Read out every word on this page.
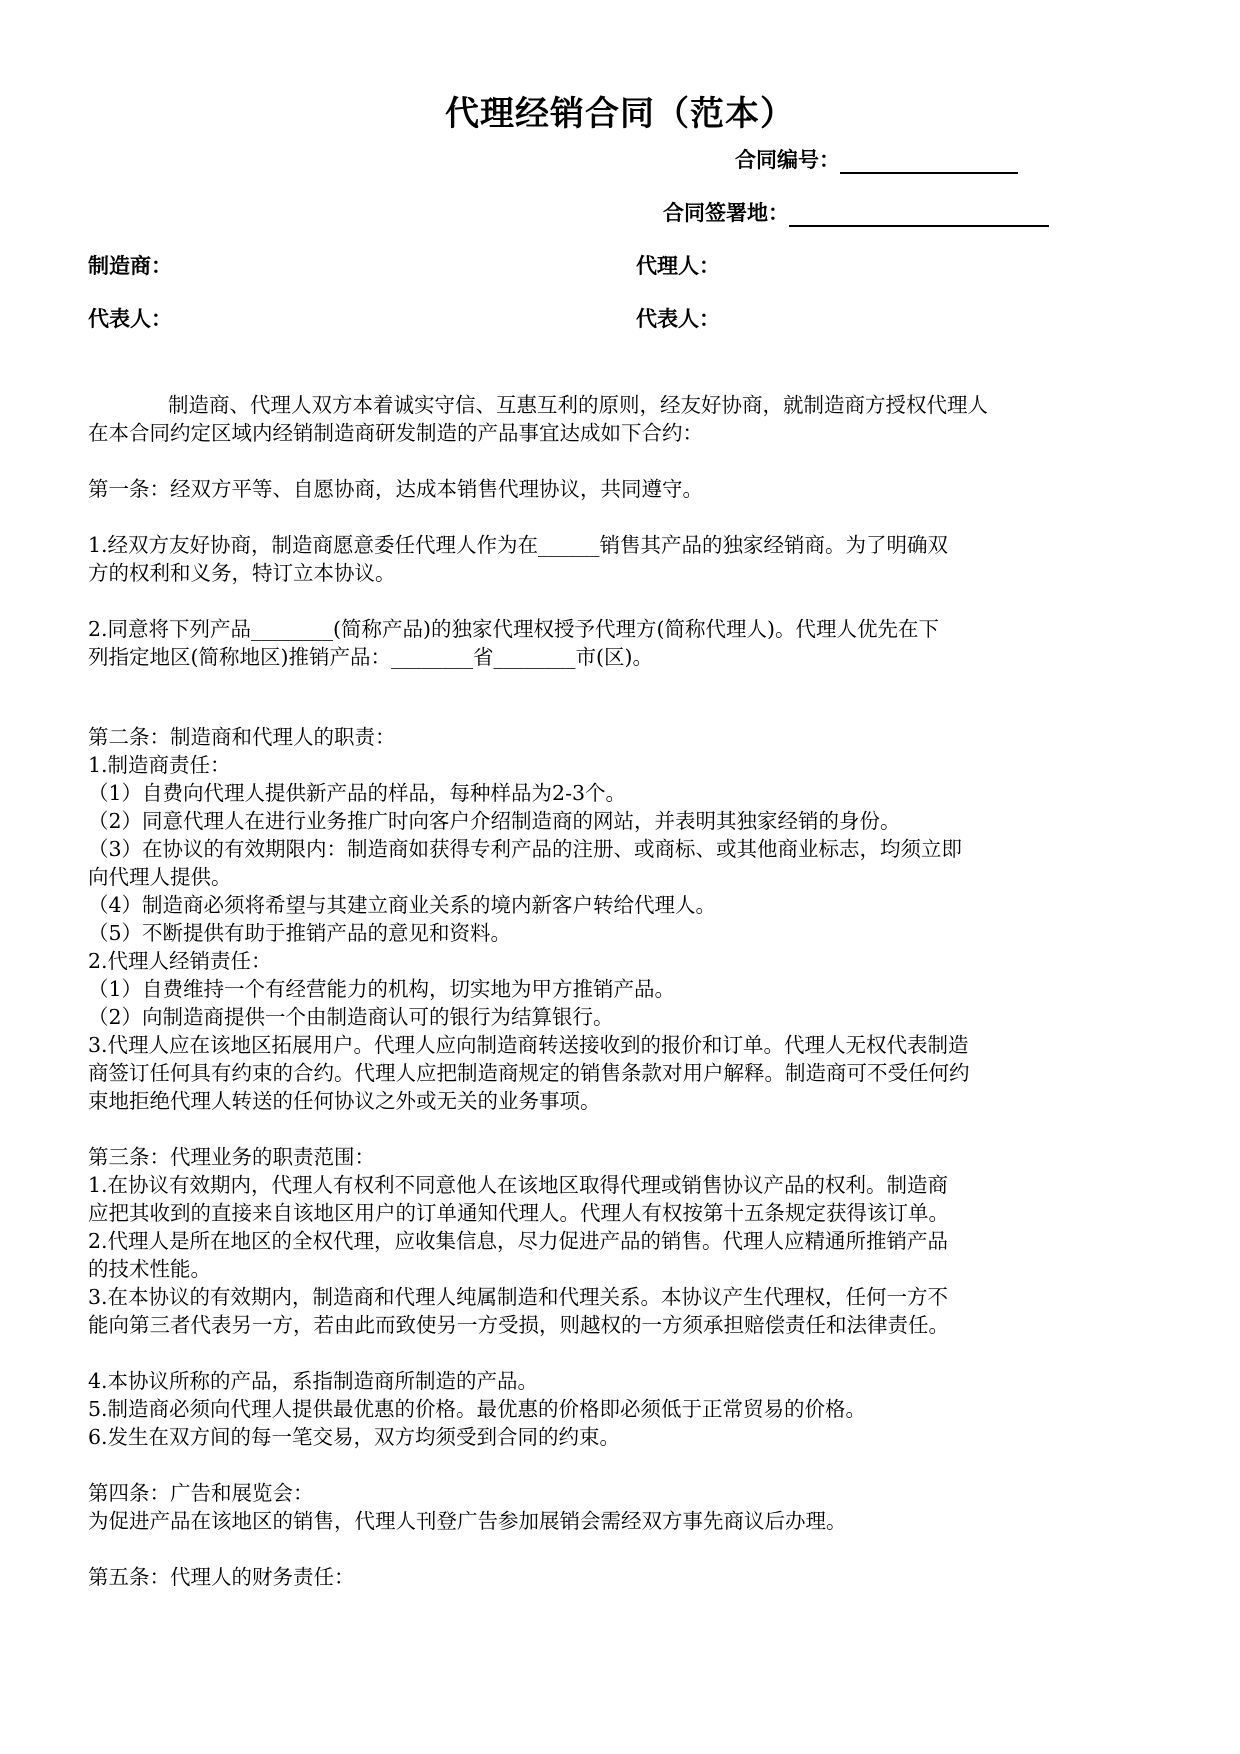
代理经销合同（范本）
合同编号：
合同签署地：
制造商：	代理人：
代表人：	代表人：

制造商、代理人双方本着诚实守信、互惠互利的原则，经友好协商，就制造商方授权代理人

在本合同约定区域内经销制造商研发制造的产品事宜达成如下合约：

第一条：经双方平等、自愿协商，达成本销售代理协议，共同遵守。

1.经双方友好协商，制造商愿意委任代理人作为在______销售其产品的独家经销商。为了明确双

方的权利和义务，特订立本协议。

2.同意将下列产品________(简称产品)的独家代理权授予代理方(简称代理人)。代理人优先在下

列指定地区(简称地区)推销产品：________省________市(区)。

第二条：制造商和代理人的职责：

1.制造商责任：

（1）自费向代理人提供新产品的样品，每种样品为2-3个。

（2）同意代理人在进行业务推广时向客户介绍制造商的网站，并表明其独家经销的身份。

（3）在协议的有效期限内：制造商如获得专利产品的注册、或商标、或其他商业标志，均须立即

向代理人提供。

（4）制造商必须将希望与其建立商业关系的境内新客户转给代理人。

（5）不断提供有助于推销产品的意见和资料。

2.代理人经销责任：

（1）自费维持一个有经营能力的机构，切实地为甲方推销产品。

（2）向制造商提供一个由制造商认可的银行为结算银行。

3.代理人应在该地区拓展用户。代理人应向制造商转送接收到的报价和订单。代理人无权代表制造

商签订任何具有约束的合约。代理人应把制造商规定的销售条款对用户解释。制造商可不受任何约

束地拒绝代理人转送的任何协议之外或无关的业务事项。

第三条：代理业务的职责范围：

1.在协议有效期内，代理人有权利不同意他人在该地区取得代理或销售协议产品的权利。制造商

应把其收到的直接来自该地区用户的订单通知代理人。代理人有权按第十五条规定获得该订单。

2.代理人是所在地区的全权代理，应收集信息，尽力促进产品的销售。代理人应精通所推销产品

的技术性能。

3.在本协议的有效期内，制造商和代理人纯属制造和代理关系。本协议产生代理权，任何一方不

能向第三者代表另一方，若由此而致使另一方受损，则越权的一方须承担赔偿责任和法律责任。

4.本协议所称的产品，系指制造商所制造的产品。

5.制造商必须向代理人提供最优惠的价格。最优惠的价格即必须低于正常贸易的价格。

6.发生在双方间的每一笔交易，双方均须受到合同的约束。

第四条：广告和展览会：

为促进产品在该地区的销售，代理人刊登广告参加展销会需经双方事先商议后办理。

第五条：代理人的财务责任：
